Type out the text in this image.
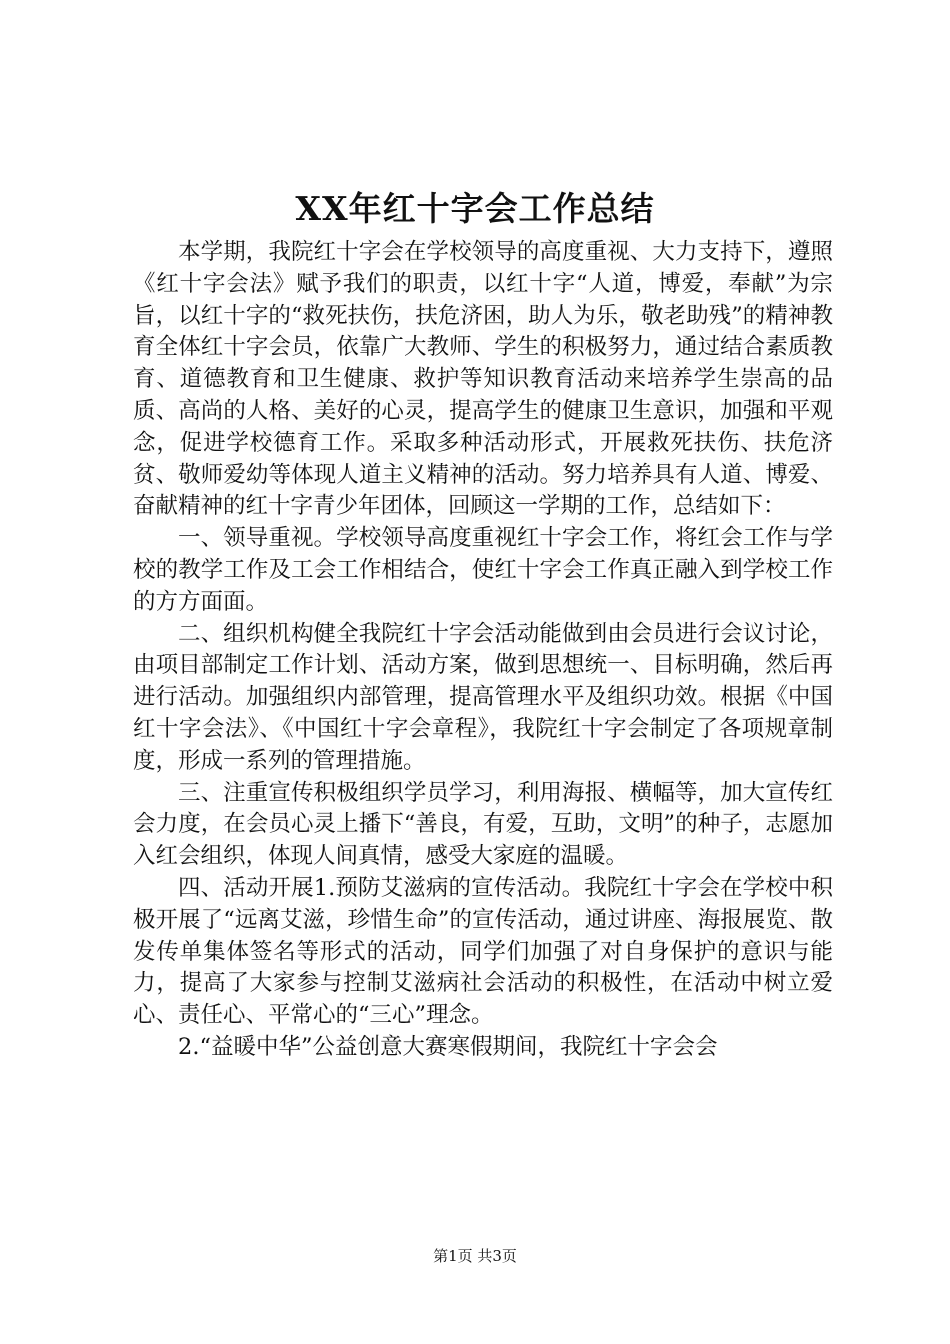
XX年红十字会工作总结

本学期，我院红十字会在学校领导的高度重视、大力支持下，遵照《红十字会法》赋予我们的职责，以红十字“人道，博爱，奉献”为宗旨，以红十字的“救死扶伤，扶危济困，助人为乐，敬老助残”的精神教育全体红十字会员，依靠广大教师、学生的积极努力，通过结合素质教育、道德教育和卫生健康、救护等知识教育活动来培养学生崇高的品质、高尚的人格、美好的心灵，提高学生的健康卫生意识，加强和平观念，促进学校德育工作。采取多种活动形式，开展救死扶伤、扶危济贫、敬师爱幼等体现人道主义精神的活动。努力培养具有人道、博爱、奋献精神的红十字青少年团体，回顾这一学期的工作，总结如下：

一、领导重视。学校领导高度重视红十字会工作，将红会工作与学校的教学工作及工会工作相结合，使红十字会工作真正融入到学校工作的方方面面。

二、组织机构健全我院红十字会活动能做到由会员进行会议讨论，由项目部制定工作计划、活动方案，做到思想统一、目标明确，然后再进行活动。加强组织内部管理，提高管理水平及组织功效。根据《中国红十字会法》、《中国红十字会章程》，我院红十字会制定了各项规章制度，形成一系列的管理措施。

三、注重宣传积极组织学员学习，利用海报、横幅等，加大宣传红会力度，在会员心灵上播下“善良，有爱，互助，文明”的种子，志愿加入红会组织，体现人间真情，感受大家庭的温暖。

四、活动开展1.预防艾滋病的宣传活动。我院红十字会在学校中积极开展了“远离艾滋，珍惜生命”的宣传活动，通过讲座、海报展览、散发传单集体签名等形式的活动，同学们加强了对自身保护的意识与能力，提高了大家参与控制艾滋病社会活动的积极性，在活动中树立爱心、责任心、平常心的“三心”理念。

2.“益暖中华”公益创意大赛寒假期间，我院红十字会会

第1页 共3页
